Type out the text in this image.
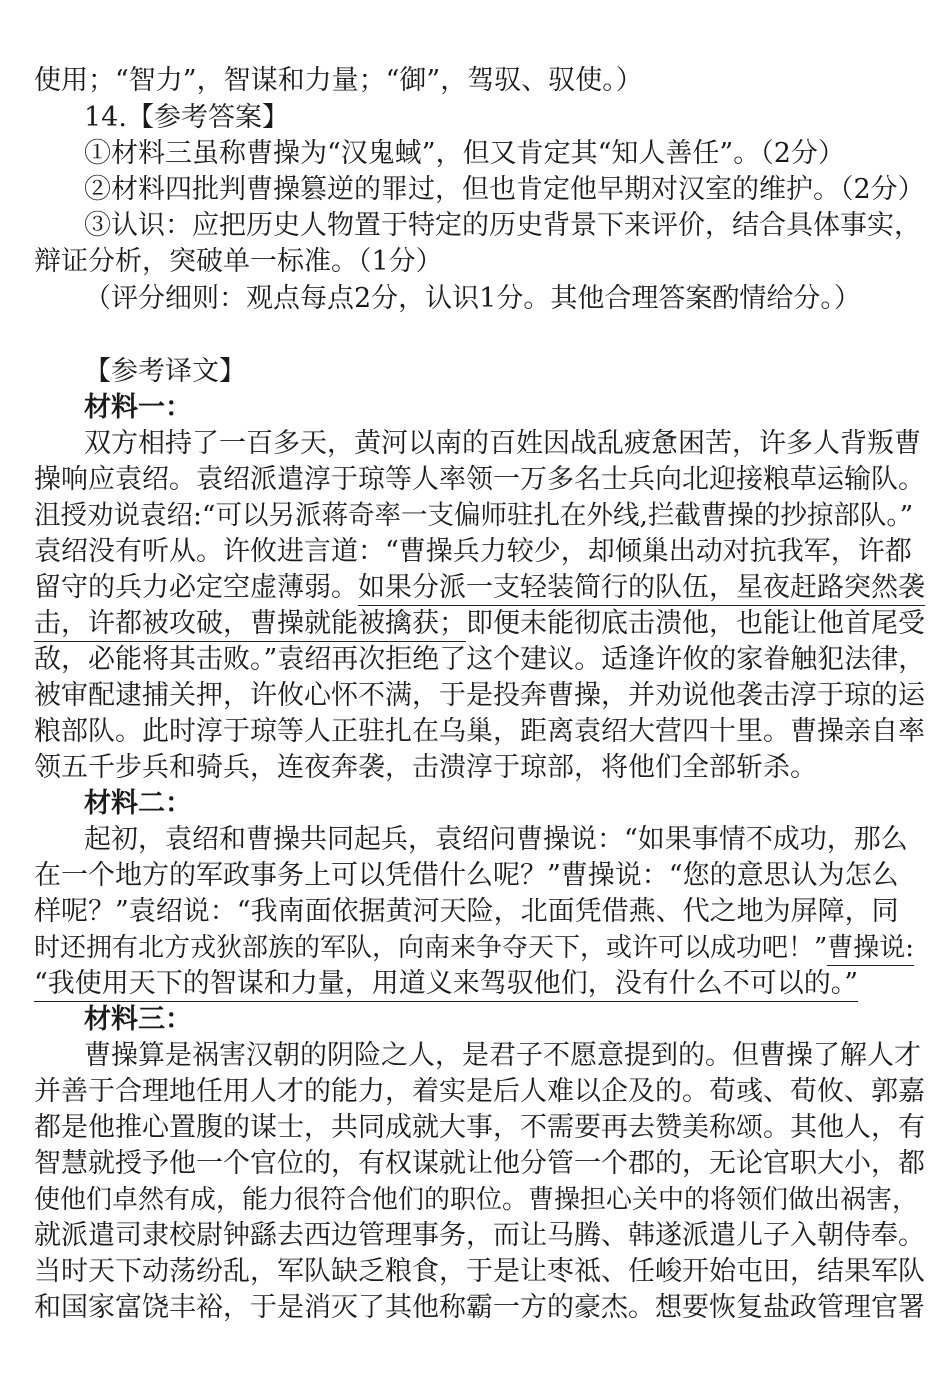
使用；“智力”，智谋和力量；“御”，驾驭、驭使。）
14.【参考答案】
①材料三虽称曹操为“汉鬼蜮”，但又肯定其“知人善任”。（2分）
②材料四批判曹操篡逆的罪过，但也肯定他早期对汉室的维护。（2分）
③认识：应把历史人物置于特定的历史背景下来评价，结合具体事实，
辩证分析，突破单一标准。（1分）
（评分细则：观点每点2分，认识1分。其他合理答案酌情给分。）
【参考译文】
材料一：
双方相持了一百多天，黄河以南的百姓因战乱疲惫困苦，许多人背叛曹
操响应袁绍。袁绍派遣淳于琼等人率领一万多名士兵向北迎接粮草运输队。
沮授劝说袁绍:“可以另派蒋奇率一支偏师驻扎在外线,拦截曹操的抄掠部队。”
袁绍没有听从。许攸进言道：“曹操兵力较少，却倾巢出动对抗我军，许都
留守的兵力必定空虚薄弱。如果分派一支轻装简行的队伍，星夜赶路突然袭
击，许都被攻破，曹操就能被擒获；即便未能彻底击溃他，也能让他首尾受
敌，必能将其击败。”袁绍再次拒绝了这个建议。适逢许攸的家眷触犯法律，
被审配逮捕关押，许攸心怀不满，于是投奔曹操，并劝说他袭击淳于琼的运
粮部队。此时淳于琼等人正驻扎在乌巢，距离袁绍大营四十里。曹操亲自率
领五千步兵和骑兵，连夜奔袭，击溃淳于琼部，将他们全部斩杀。
材料二：
起初，袁绍和曹操共同起兵，袁绍问曹操说：“如果事情不成功，那么
在一个地方的军政事务上可以凭借什么呢？”曹操说：“您的意思认为怎么
样呢？”袁绍说：“我南面依据黄河天险，北面凭借燕、代之地为屏障，同
时还拥有北方戎狄部族的军队，向南来争夺天下，或许可以成功吧！”曹操说:
“我使用天下的智谋和力量，用道义来驾驭他们，没有什么不可以的。”
材料三：
曹操算是祸害汉朝的阴险之人，是君子不愿意提到的。但曹操了解人才
并善于合理地任用人才的能力，着实是后人难以企及的。荀彧、荀攸、郭嘉
都是他推心置腹的谋士，共同成就大事，不需要再去赞美称颂。其他人，有
智慧就授予他一个官位的，有权谋就让他分管一个郡的，无论官职大小，都
使他们卓然有成，能力很符合他们的职位。曹操担心关中的将领们做出祸害，
就派遣司隶校尉钟繇去西边管理事务，而让马腾、韩遂派遣儿子入朝侍奉。
当时天下动荡纷乱，军队缺乏粮食，于是让枣祗、任峻开始屯田，结果军队
和国家富饶丰裕，于是消灭了其他称霸一方的豪杰。想要恢复盐政管理官署
